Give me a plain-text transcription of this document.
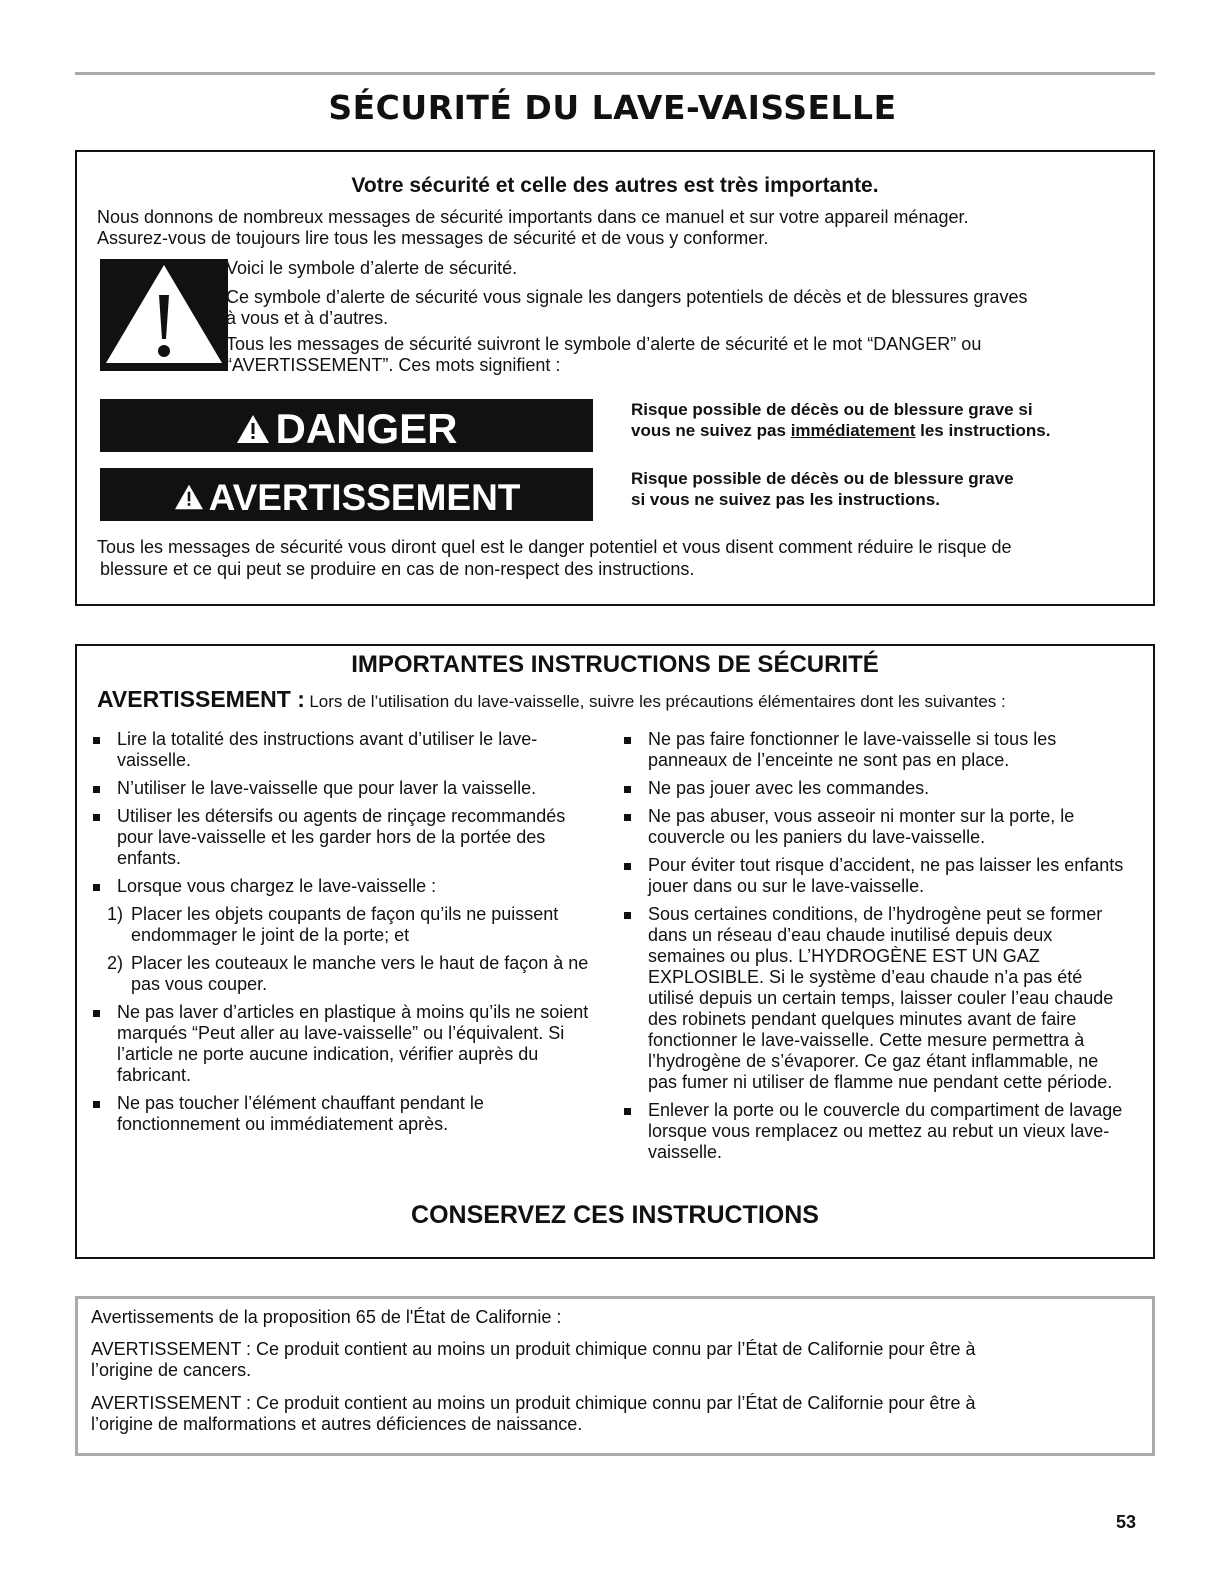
SÉCURITÉ DU LAVE-VAISSELLE
Votre sécurité et celle des autres est très importante.
Nous donnons de nombreux messages de sécurité importants dans ce manuel et sur votre appareil ménager.
Assurez-vous de toujours lire tous les messages de sécurité et de vous y conformer.
Voici le symbole d’alerte de sécurité.
Ce symbole d’alerte de sécurité vous signale les dangers potentiels de décès et de blessures graves
à vous et à d’autres.
Tous les messages de sécurité suivront le symbole d’alerte de sécurité et le mot “DANGER” ou
“AVERTISSEMENT”. Ces mots signifient :
DANGER	Risque possible de décès ou de blessure grave si
vous ne suivez pas immédiatement les instructions.
AVERTISSEMENT	Risque possible de décès ou de blessure grave
si vous ne suivez pas les instructions.
Tous les messages de sécurité vous diront quel est le danger potentiel et vous disent comment réduire le risque de
blessure et ce qui peut se produire en cas de non-respect des instructions.
IMPORTANTES INSTRUCTIONS DE SÉCURITÉ
AVERTISSEMENT : Lors de l’utilisation du lave-vaisselle, suivre les précautions élémentaires dont les suivantes :
Lire la totalité des instructions avant d’utiliser le lave-vaisselle.
N’utiliser le lave-vaisselle que pour laver la vaisselle.
Utiliser les détersifs ou agents de rinçage recommandés pour lave-vaisselle et les garder hors de la portée des enfants.
Lorsque vous chargez le lave-vaisselle :
1) Placer les objets coupants de façon qu’ils ne puissent endommager le joint de la porte; et
2) Placer les couteaux le manche vers le haut de façon à ne pas vous couper.
Ne pas laver d’articles en plastique à moins qu’ils ne soient marqués “Peut aller au lave-vaisselle” ou l’équivalent. Si l’article ne porte aucune indication, vérifier auprès du fabricant.
Ne pas toucher l’élément chauffant pendant le fonctionnement ou immédiatement après.
Ne pas faire fonctionner le lave-vaisselle si tous les panneaux de l’enceinte ne sont pas en place.
Ne pas jouer avec les commandes.
Ne pas abuser, vous asseoir ni monter sur la porte, le couvercle ou les paniers du lave-vaisselle.
Pour éviter tout risque d’accident, ne pas laisser les enfants jouer dans ou sur le lave-vaisselle.
Sous certaines conditions, de l’hydrogène peut se former dans un réseau d’eau chaude inutilisé depuis deux semaines ou plus. L’HYDROGÈNE EST UN GAZ EXPLOSIBLE. Si le système d’eau chaude n’a pas été utilisé depuis un certain temps, laisser couler l’eau chaude des robinets pendant quelques minutes avant de faire fonctionner le lave-vaisselle. Cette mesure permettra à l’hydrogène de s’évaporer. Ce gaz étant inflammable, ne pas fumer ni utiliser de flamme nue pendant cette période.
Enlever la porte ou le couvercle du compartiment de lavage lorsque vous remplacez ou mettez au rebut un vieux lave-vaisselle.
CONSERVEZ CES INSTRUCTIONS
Avertissements de la proposition 65 de l'État de Californie :
AVERTISSEMENT : Ce produit contient au moins un produit chimique connu par l’État de Californie pour être à
l’origine de cancers.
AVERTISSEMENT : Ce produit contient au moins un produit chimique connu par l’État de Californie pour être à
l’origine de malformations et autres déficiences de naissance.
53
